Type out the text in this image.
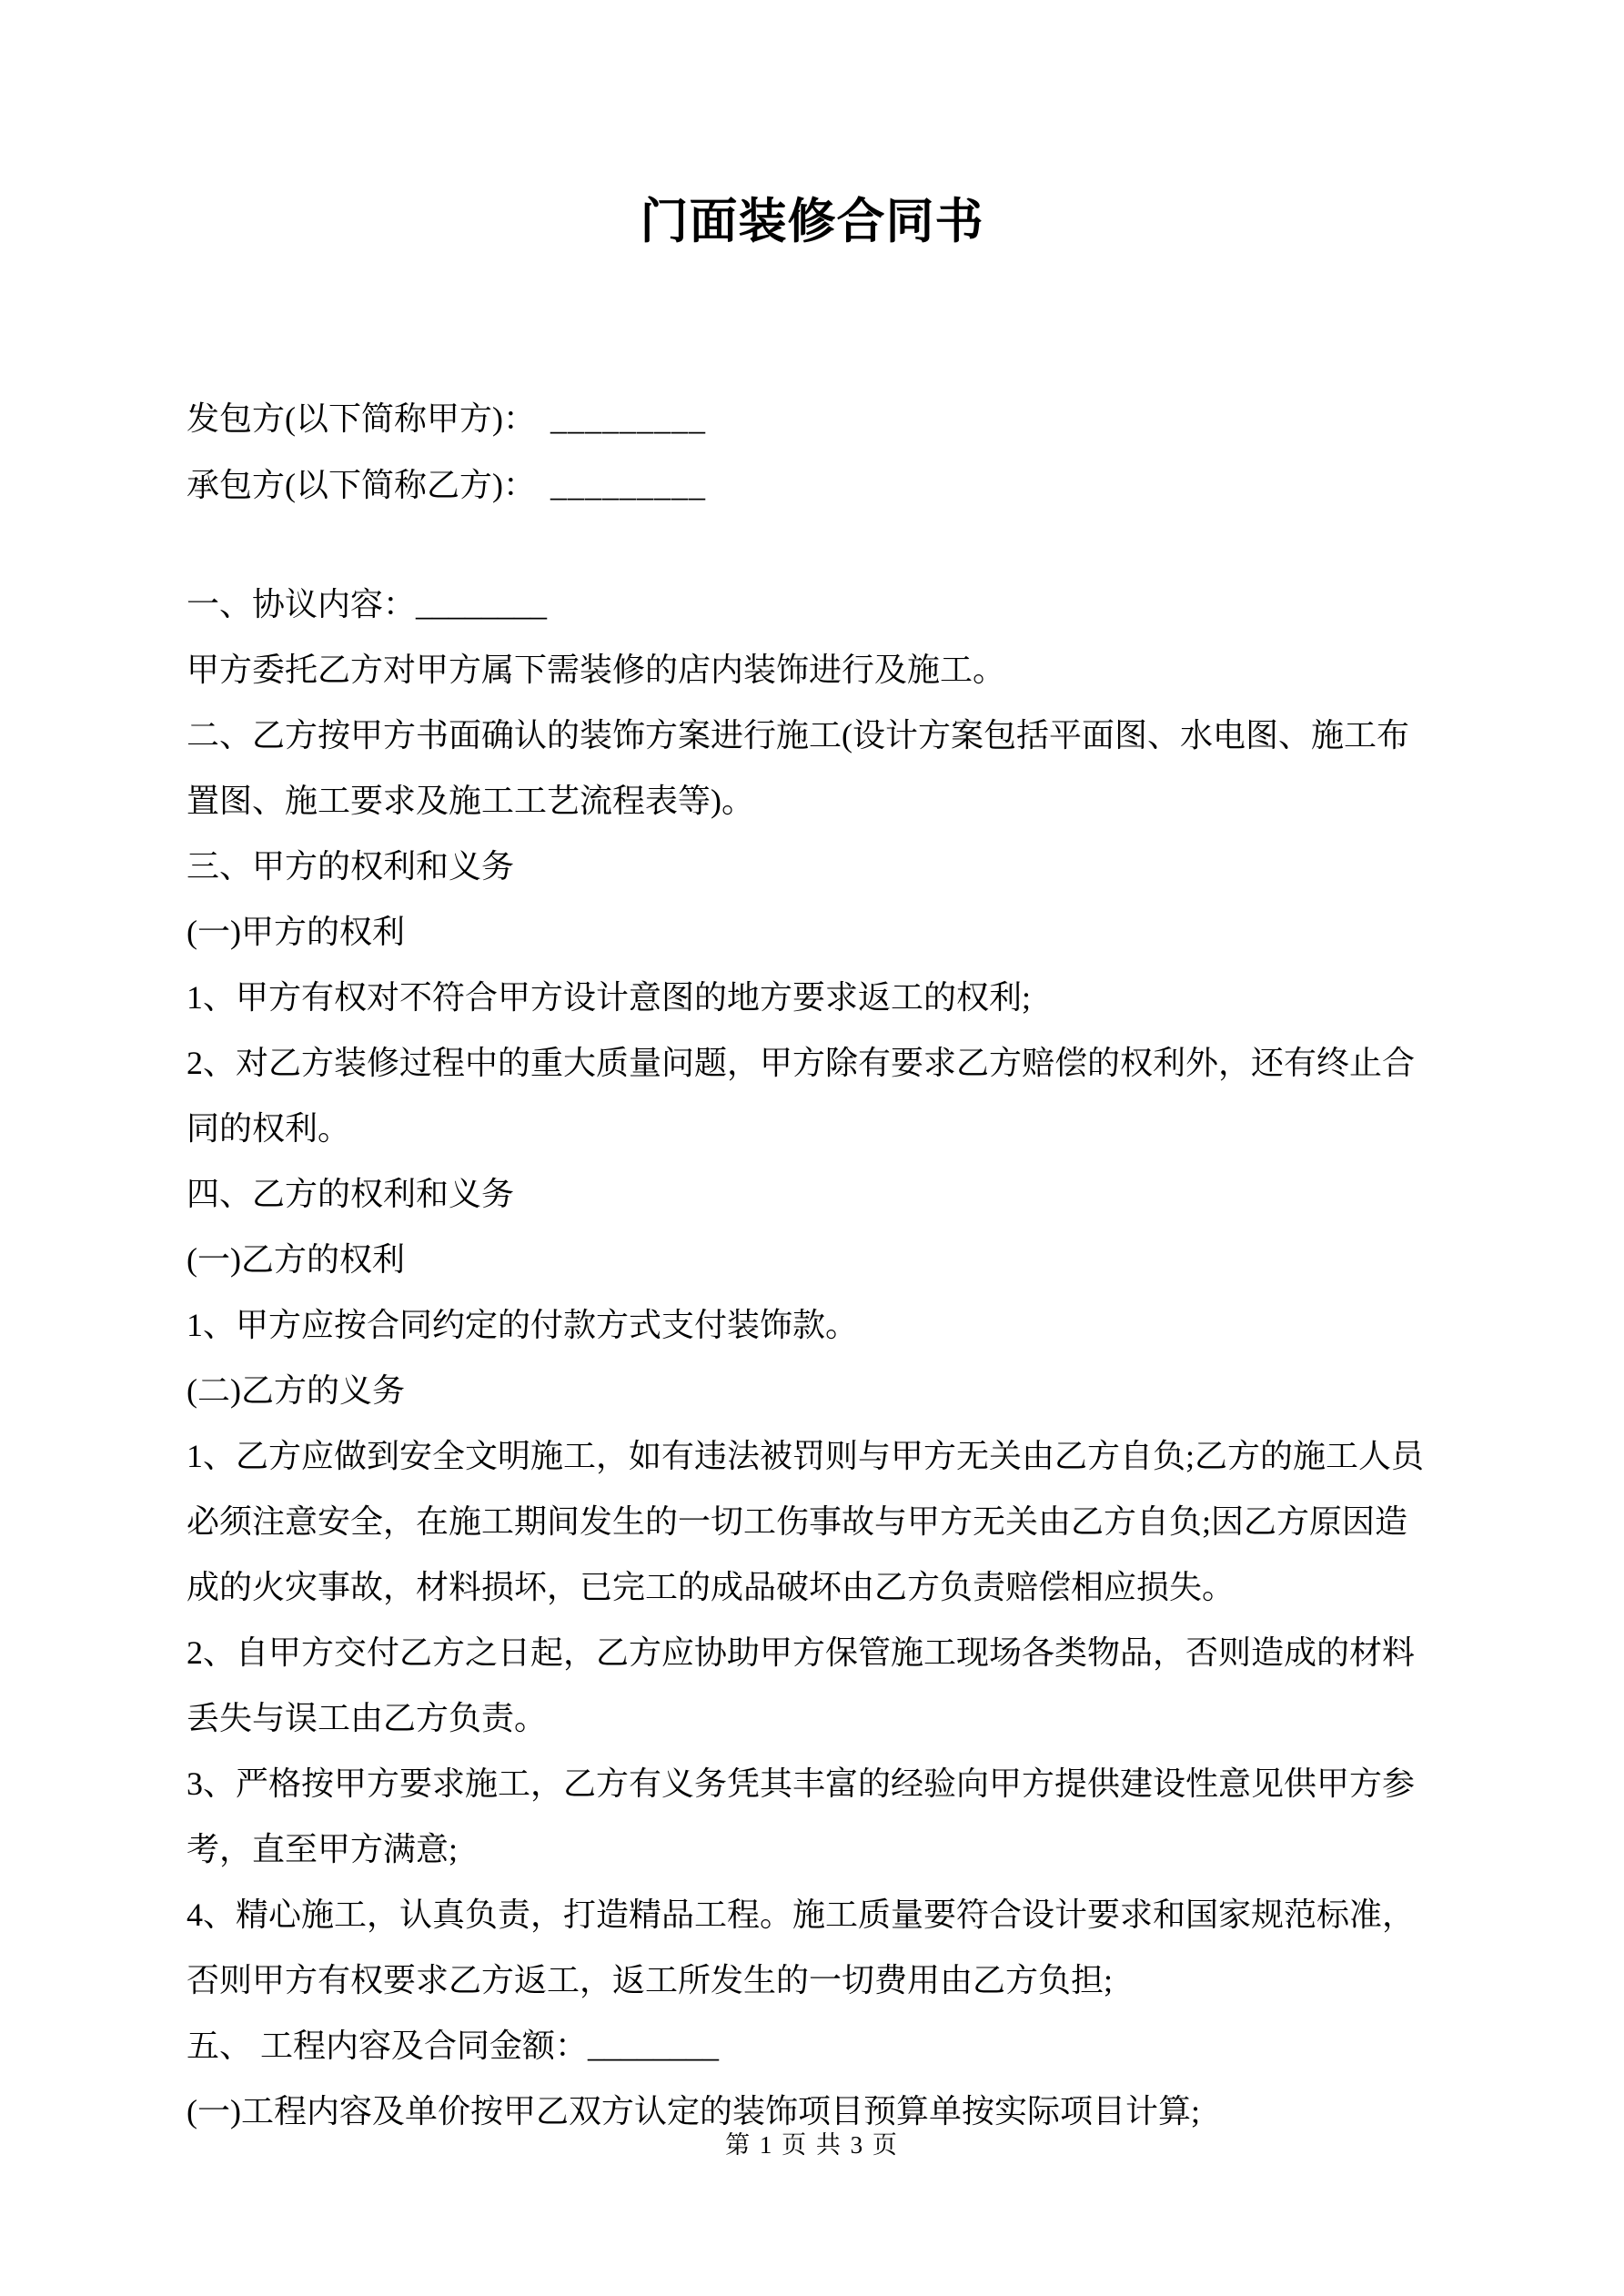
门面装修合同书
发包方(以下简称甲方)： _________
承包方(以下简称乙方)： _________
一、协议内容：________
甲方委托乙方对甲方属下需装修的店内装饰进行及施工。
二、乙方按甲方书面确认的装饰方案进行施工(设计方案包括平面图、水电图、施工布
置图、施工要求及施工工艺流程表等)。
三、甲方的权利和义务
(一)甲方的权利
1、甲方有权对不符合甲方设计意图的地方要求返工的权利;
2、对乙方装修过程中的重大质量问题，甲方除有要求乙方赔偿的权利外，还有终止合
同的权利。
四、乙方的权利和义务
(一)乙方的权利
1、甲方应按合同约定的付款方式支付装饰款。
(二)乙方的义务
1、乙方应做到安全文明施工，如有违法被罚则与甲方无关由乙方自负;乙方的施工人员
必须注意安全，在施工期间发生的一切工伤事故与甲方无关由乙方自负;因乙方原因造
成的火灾事故，材料损坏，已完工的成品破坏由乙方负责赔偿相应损失。
2、自甲方交付乙方之日起，乙方应协助甲方保管施工现场各类物品，否则造成的材料
丢失与误工由乙方负责。
3、严格按甲方要求施工，乙方有义务凭其丰富的经验向甲方提供建设性意见供甲方参
考，直至甲方满意;
4、精心施工，认真负责，打造精品工程。施工质量要符合设计要求和国家规范标准，
否则甲方有权要求乙方返工，返工所发生的一切费用由乙方负担;
五、 工程内容及合同金额：________
(一)工程内容及单价按甲乙双方认定的装饰项目预算单按实际项目计算;
第 1 页 共 3 页
